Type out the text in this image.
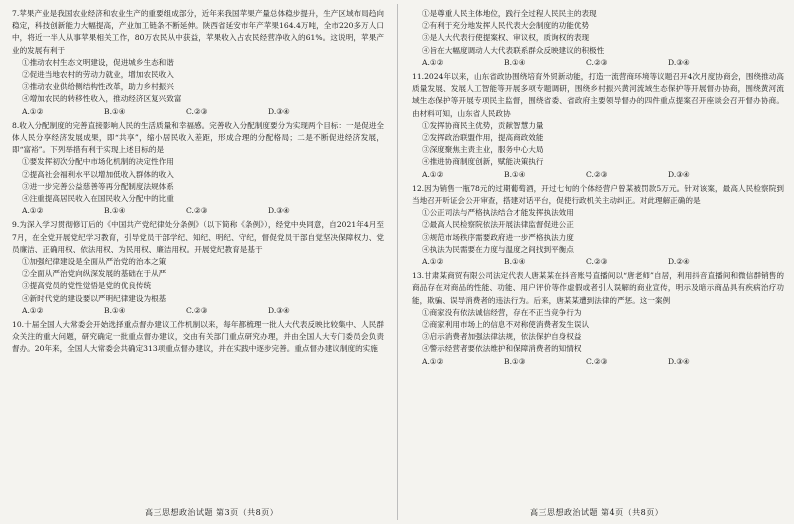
7.苹果产业是我国农业经济和农业生产的重要组成部分，近年来我国苹果产量总体稳步提升，生产区域布局趋向稳定，科技创新能力大幅提高，产业加工链条不断延伸。陕西省延安市年产苹果164.4万吨，全市220多万人口中，将近一半人从事苹果相关工作，80万农民从中获益，苹果收入占农民经营净收入的61%。这说明，苹果产业的发展有利于
①推动农村生态文明建设，促进城乡生态和谐
②促进当地农村的劳动力就业，增加农民收入
③推动农业供给侧结构性改革，助力乡村振兴
④增加农民的转移性收入，推动经济区复兴致富
A.①②	B.①④	C.②③	D.③④
8.收入分配制度的完善直接影响人民的生活质量和幸福感。完善收入分配制度要分为实现两个目标：一是促进全体人民分享经济发展成果，即“共享”，缩小居民收入差距，形成合理的分配格局；二是不断促进经济发展，即“富裕”。下列举措有利于实现上述目标的是
①要发挥初次分配中市场化机制的决定性作用
②提高社会福利水平以增加低收入群体的收入
③进一步完善公益慈善等再分配制度法规体系
④注重提高居民收入在国民收入分配中的比重
A.①②	B.①④	C.②③	D.③④
9.为深入学习贯彻修订后的《中国共产党纪律处分条例》（以下简称《条例》），经党中央同意，自2021年4月至7月，在全党开展党纪学习教育，引导党员干部学纪、知纪、明纪、守纪，督促党员干部自觉坚决保障权力、党员廉洁、正确用权、依法用权、为民用权、廉洁用权。开展党纪教育是基于
①加强纪律建设是全面从严治党的治本之策
②全面从严治党向纵深发展的基础在于从严
③提高党员的党性觉悟是党的优良传统
④新时代党的建设要以严明纪律建设为根基
A.①②	B.①④	C.②③	D.③④
10.十届全国人大常委会开始选择重点督办建议工作机制以来，每年都梳理一批人大代表反映比较集中、人民群众关注的重大问题，研究确定一批重点督办建议，交由有关部门重点研究办理，并由全国人大专门委员会负责督办。20年来，全国人大常委会共确定313项重点督办建议，并在实践中逐步完善。重点督办建议制度的实施
高三思想政治试题 第3页（共8页）
①是尊重人民主体地位，践行全过程人民民主的表现
②有利于充分地发挥人民代表大会制度的功能优势
③是人大代表行使提案权、审议权，质询权的表现
④旨在大幅度调动人大代表联系群众反映建议的积极性
A.①②	B.①④	C.②③	D.③④
11.2024年以来，山东省政协围绕培育外贸新动能，打造一流营商环境等议题召开4次月度协商会，围绕推动高质量发展、发展人工智能等开展多项专题调研，围绕乡村振兴黄河流域生态保护等开展督办协商，围绕黄河流域生态保护等开展专项民主监督，围绕省委、省政府主要领导督办的四件重点提案召开座谈会召开督办协商。由材料可知，山东省人民政协
①发挥协商民主优势，贡献智慧力量
②发挥政治联盟作用，提高商政效能
③深度聚焦主责主业，服务中心大局
④推进协商制度创新，赋能决策执行
A.①②	B.①④	C.②③	D.③④
12.因为销售一瓶78元的过期葡萄酒，开过七旬的个体经营户曾某被罚款5万元。针对该案，最高人民检察院到当地召开听证会公开审查，搭建对话平台，促使行政机关主动纠正。对此理解正确的是
①公正司法与严格执法结合才能发挥执法效用
②最高人民检察院依法开展法律监督促进公正
③规范市场秩序需要政府进一步严格执法力度
④执法为民需要在力度与温度之间找到平衡点
A.①②	B.①④	C.②③	D.②④
13.甘肃某商贸有限公司法定代表人唐某某在抖音账号直播间以“唐老师”自居，利用抖音直播间和微信群销售的商品存在对商品的性能、功能、用户评价等作虚假或者引人误解的商业宣传，明示及暗示商品具有疾病治疗功能，欺骗、误导消费者的违法行为。后来，唐某某遭到法律的严惩。这一案例
①商家没有依法诚信经营，存在不正当竞争行为
②商家利用市场上的信息不对称使消费者发生误认
③启示消费者加强法律法规，依法保护自身权益
④警示经营者要依法维护和保障消费者的知情权
A.①②	B.①③	C.②③	D.③④
高三思想政治试题 第4页（共8页）
